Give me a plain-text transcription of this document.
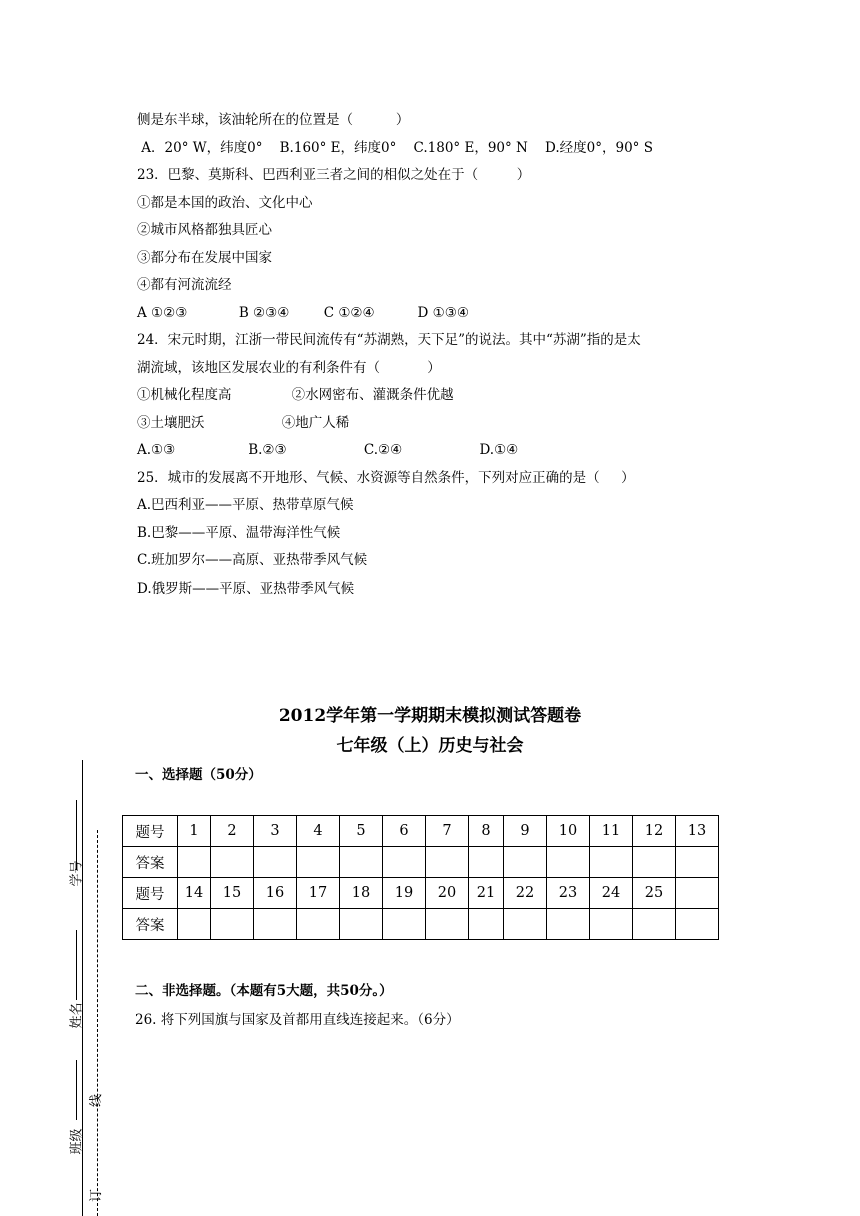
侧是东半球，该油轮所在的位置是（          ）
A．20° W，纬度0°    B.160° E，纬度0°    C.180° E，90° N    D.经度0°，90° S
23．巴黎、莫斯科、巴西利亚三者之间的相似之处在于（         ）
①都是本国的政治、文化中心
②城市风格都独具匠心
③都分布在发展中国家
④都有河流流经
A ①②③            B ②③④        C ①②④          D ①③④
24．宋元时期，江浙一带民间流传有“苏湖熟，天下足”的说法。其中“苏湖”指的是太
湖流域，该地区发展农业的有利条件有（           ）
①机械化程度高              ②水网密布、灌溉条件优越
③土壤肥沃                  ④地广人稀
A.①③                 B.②③                  C.②④                  D.①④
25．城市的发展离不开地形、气候、水资源等自然条件，下列对应正确的是（     ）
A.巴西利亚——平原、热带草原气候
B.巴黎——平原、温带海洋性气候
C.班加罗尔——高原、亚热带季风气候
D.俄罗斯——平原、亚热带季风气候
2012学年第一学期期末模拟测试答题卷
七年级（上）历史与社会
一、选择题（50分）
题号	1	2	3	4	5	6	7	8	9	10	11	12	13
答案													
题号	14	15	16	17	18	19	20	21	22	23	24	25	
答案													
二、非选择题。（本题有5大题，共50分。）
26. 将下列国旗与国家及首都用直线连接起来。（6分）
学号
姓名
线
班级
订
